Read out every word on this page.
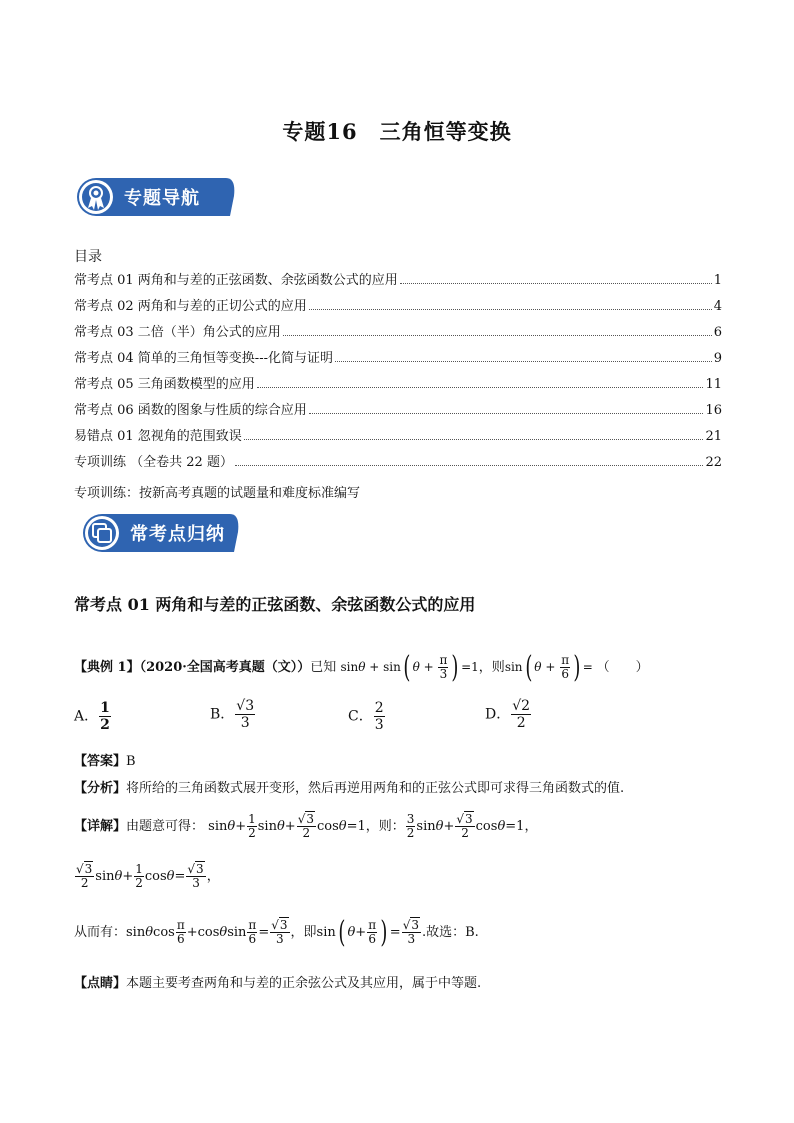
专题16　三角恒等变换
专题导航
目录
常考点 01 两角和与差的正弦函数、余弦函数公式的应用	1
常考点 02 两角和与差的正切公式的应用	4
常考点 03 二倍（半）角公式的应用	6
常考点 04 简单的三角恒等变换---化简与证明	9
常考点 05 三角函数模型的应用	11
常考点 06 函数的图象与性质的综合应用	16
易错点 01 忽视角的范围致误	21
专项训练 （全卷共 22 题）	22
专项训练：按新高考真题的试题量和难度标准编写
常考点归纳
常考点 01 两角和与差的正弦函数、余弦函数公式的应用
【典例 1】（2020·全国高考真题（文））已知 sinθ + sin( $\theta + \frac{\pi}{3}$ ) =1，则sin( $\theta + \frac{\pi}{6}$ ) = （　　）
A． $\frac{1}{2}$	B． $\frac{√3}{3}$	C． $\frac{2}{3}$	D． $\frac{√2}{2}$
【答案】B
【分析】将所给的三角函数式展开变形，然后再逆用两角和的正弦公式即可求得三角函数式的值.
【详解】由题意可得： $\sin\theta+ \frac{1}{2} \sin\theta+ \frac{√3}{2} \cos\theta=1$，则： $\frac{3}{2} \sin\theta+ \frac{√3}{2} \cos\theta=1$，
$\frac{√3}{2} \sin\theta+ \frac{1}{2} \cos\theta= \frac{√3}{3}$ ，
从而有：sinθcos $\frac{\pi}{6} +\cos\theta\sin \frac{\pi}{6} = \frac{√3}{3}$ ，即sin( $\theta+ \frac{\pi}{6}$ ) = $\frac{√3}{3}$ .故选：B.
【点睛】本题主要考查两角和与差的正余弦公式及其应用，属于中等题.
